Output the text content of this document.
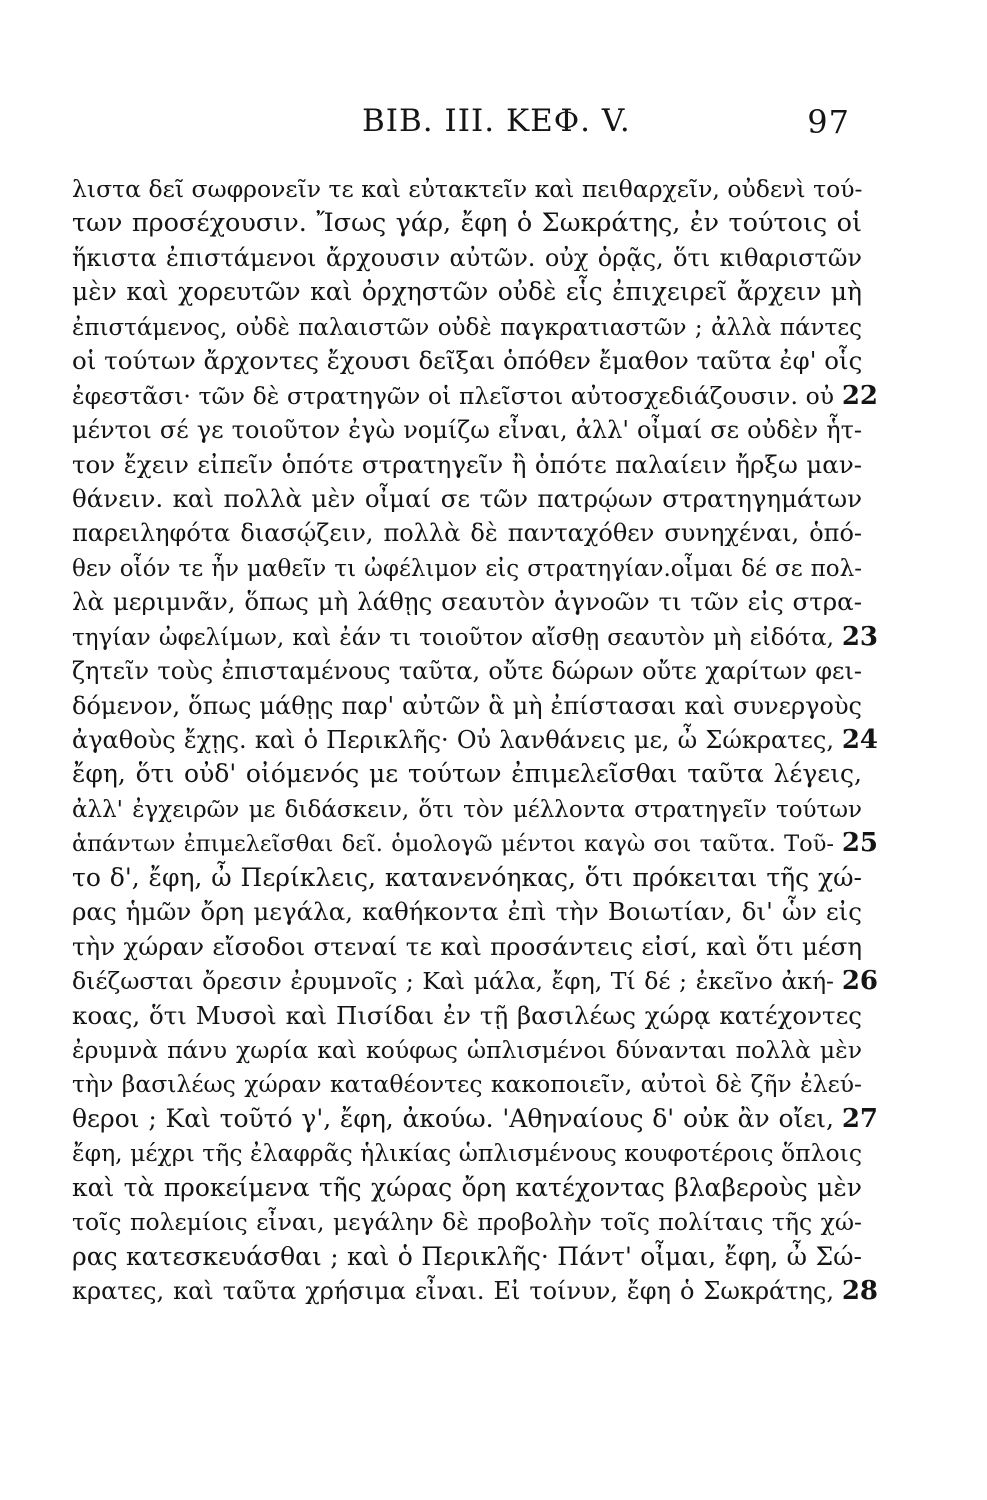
ΒΙΒ. ΙΙΙ. ΚΕΦ. V.	97
λιστα δεῖ σωφρονεῖν τε καὶ εὐτακτεῖν καὶ πειθαρχεῖν, οὐδενὶ τού-
των προσέχουσιν. Ἴσως γάρ, ἔφη ὁ Σωκράτης, ἐν τούτοις οἱ
ἥκιστα ἐπιστάμενοι ἄρχουσιν αὐτῶν. οὐχ ὁρᾷς, ὅτι κιθαριστῶν
μὲν καὶ χορευτῶν καὶ ὀρχηστῶν οὐδὲ εἷς ἐπιχειρεῖ ἄρχειν μὴ
ἐπιστάμενος, οὐδὲ παλαιστῶν οὐδὲ παγκρατιαστῶν ; ἀλλὰ πάντες
οἱ τούτων ἄρχοντες ἔχουσι δεῖξαι ὁπόθεν ἔμαθον ταῦτα ἐφ' οἷς
ἐφεστᾶσι· τῶν δὲ στρατηγῶν οἱ πλεῖστοι αὐτοσχεδιάζουσιν. οὐ 22
μέντοι σέ γε τοιοῦτον ἐγὼ νομίζω εἶναι, ἀλλ' οἶμαί σε οὐδὲν ἧτ-
τον ἔχειν εἰπεῖν ὁπότε στρατηγεῖν ἢ ὁπότε παλαίειν ἤρξω μαν-
θάνειν. καὶ πολλὰ μὲν οἶμαί σε τῶν πατρῴων στρατηγημάτων
παρειληφότα διασῴζειν, πολλὰ δὲ πανταχόθεν συνηχέναι, ὁπό-
θεν οἷόν τε ἦν μαθεῖν τι ὠφέλιμον εἰς στρατηγίαν.οἶμαι δέ σε πολ-
λὰ μεριμνᾶν, ὅπως μὴ λάθῃς σεαυτὸν ἀγνοῶν τι τῶν εἰς στρα-
τηγίαν ὠφελίμων, καὶ ἐάν τι τοιοῦτον αἴσθῃ σεαυτὸν μὴ εἰδότα, 23
ζητεῖν τοὺς ἐπισταμένους ταῦτα, οὔτε δώρων οὔτε χαρίτων φει-
δόμενον, ὅπως μάθῃς παρ' αὐτῶν ἃ μὴ ἐπίστασαι καὶ συνεργοὺς
ἀγαθοὺς ἔχῃς. καὶ ὁ Περικλῆς· Οὐ λανθάνεις με, ὦ Σώκρατες, 24
ἔφη, ὅτι οὐδ' οἰόμενός με τούτων ἐπιμελεῖσθαι ταῦτα λέγεις,
ἀλλ' ἐγχειρῶν με διδάσκειν, ὅτι τὸν μέλλοντα στρατηγεῖν τούτων
ἁπάντων ἐπιμελεῖσθαι δεῖ. ὁμολογῶ μέντοι καγὼ σοι ταῦτα. Τοῦ- 25
το δ', ἔφη, ὦ Περίκλεις, κατανενόηκας, ὅτι πρόκειται τῆς χώ-
ρας ἡμῶν ὄρη μεγάλα, καθήκοντα ἐπὶ τὴν Βοιωτίαν, δι' ὧν εἰς
τὴν χώραν εἴσοδοι στεναί τε καὶ προσάντεις εἰσί, καὶ ὅτι μέση
διέζωσται ὄρεσιν ἐρυμνοῖς ; Καὶ μάλα, ἔφη, Τί δέ ; ἐκεῖνο ἀκή- 26
κοας, ὅτι Μυσοὶ καὶ Πισίδαι ἐν τῇ βασιλέως χώρᾳ κατέχοντες
ἐρυμνὰ πάνυ χωρία καὶ κούφως ὡπλισμένοι δύνανται πολλὰ μὲν
τὴν βασιλέως χώραν καταθέοντες κακοποιεῖν, αὐτοὶ δὲ ζῆν ἐλεύ-
θεροι ; Καὶ τοῦτό γ', ἔφη, ἀκούω. 'Αθηναίους δ' οὐκ ἂν οἴει, 27
ἔφη, μέχρι τῆς ἐλαφρᾶς ἡλικίας ὡπλισμένους κουφοτέροις ὅπλοις
καὶ τὰ προκείμενα τῆς χώρας ὄρη κατέχοντας βλαβεροὺς μὲν
τοῖς πολεμίοις εἶναι, μεγάλην δὲ προβολὴν τοῖς πολίταις τῆς χώ-
ρας κατεσκευάσθαι ; καὶ ὁ Περικλῆς· Πάντ' οἶμαι, ἔφη, ὦ Σώ-
κρατες, καὶ ταῦτα χρήσιμα εἶναι. Εἰ τοίνυν, ἔφη ὁ Σωκράτης, 28
